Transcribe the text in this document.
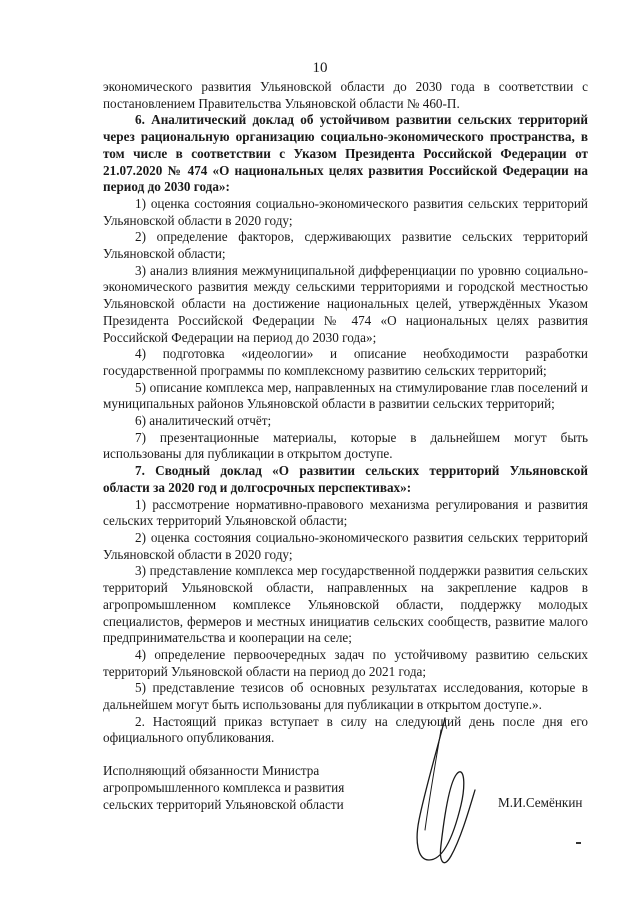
10

экономического развития Ульяновской области до 2030 года в соответствии с постановлением Правительства Ульяновской области № 460-П.

6. Аналитический доклад об устойчивом развитии сельских территорий через рациональную организацию социально-экономического пространства, в том числе в соответствии с Указом Президента Российской Федерации от 21.07.2020 № 474 «О национальных целях развития Российской Федерации на период до 2030 года»:

1) оценка состояния социально-экономического развития сельских территорий Ульяновской области в 2020 году;

2) определение факторов, сдерживающих развитие сельских территорий Ульяновской области;

3) анализ влияния межмуниципальной дифференциации по уровню социально-экономического развития между сельскими территориями и городской местностью Ульяновской области на достижение национальных целей, утверждённых Указом Президента Российской Федерации № 474 «О национальных целях развития Российской Федерации на период до 2030 года»;

4) подготовка «идеологии» и описание необходимости разработки государственной программы по комплексному развитию сельских территорий;

5) описание комплекса мер, направленных на стимулирование глав поселений и муниципальных районов Ульяновской области в развитии сельских территорий;

6) аналитический отчёт;

7) презентационные материалы, которые в дальнейшем могут быть использованы для публикации в открытом доступе.

7. Сводный доклад «О развитии сельских территорий Ульяновской области за 2020 год и долгосрочных перспективах»:

1) рассмотрение нормативно-правового механизма регулирования и развития сельских территорий Ульяновской области;

2) оценка состояния социально-экономического развития сельских территорий Ульяновской области в 2020 году;

3) представление комплекса мер государственной поддержки развития сельских территорий Ульяновской области, направленных на закрепление кадров в агропромышленном комплексе Ульяновской области, поддержку молодых специалистов, фермеров и местных инициатив сельских сообществ, развитие малого предпринимательства и кооперации на селе;

4) определение первоочередных задач по устойчивому развитию сельских территорий Ульяновской области на период до 2021 года;

5) представление тезисов об основных результатах исследования, которые в дальнейшем могут быть использованы для публикации в открытом доступе.».

2. Настоящий приказ вступает в силу на следующий день после дня его официального опубликования.

Исполняющий обязанности Министра
агропромышленного комплекса и развития
сельских территорий Ульяновской области	М.И.Семёнкин
